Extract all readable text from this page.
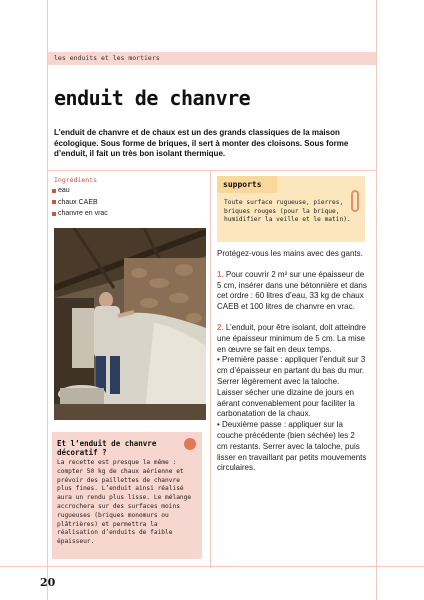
les enduits et les mortiers
enduit de chanvre

L’enduit de chanvre et de chaux est un des grands classiques de la maison écologique. Sous forme de briques, il sert à monter des cloisons. Sous forme d’enduit, il fait un très bon isolant thermique.

Ingrédients
eau
chaux CAEB
chanvre en vrac
Et l’enduit de chanvre décoratif ?
La recette est presque la même : compter 50 kg de chaux aérienne et prévoir des paillettes de chanvre plus fines. L’enduit ainsi réalisé aura un rendu plus lisse. Le mélange accrochera sur des surfaces moins rugueuses (briques monomurs ou plâtrières) et permettra la réalisation d’enduits de faible épaisseur.
supports
Toute surface rugueuse, pierres, briques rouges (pour la brique, humidifier la veille et le matin).

Protégez-vous les mains avec des gants.

1. Pour couvrir 2 m² sur une épaisseur de 5 cm, insérer dans une bétonnière et dans cet ordre : 60 litres d’eau, 33 kg de chaux CAEB et 100 litres de chanvre en vrac.

2. L’enduit, pour être isolant, doit atteindre une épaisseur minimum de 5 cm. La mise en œuvre se fait en deux temps.

• Première passe : appliquer l’enduit sur 3 cm d’épaisseur en partant du bas du mur. Serrer légèrement avec la taloche. Laisser sécher une dizaine de jours en aérant convenablement pour faciliter la carbonatation de la chaux.

• Deuxième passe : appliquer sur la couche précédente (bien séchée) les 2 cm restants. Serrer avec la taloche, puis lisser en travaillant par petits mouvements circulaires.

20
